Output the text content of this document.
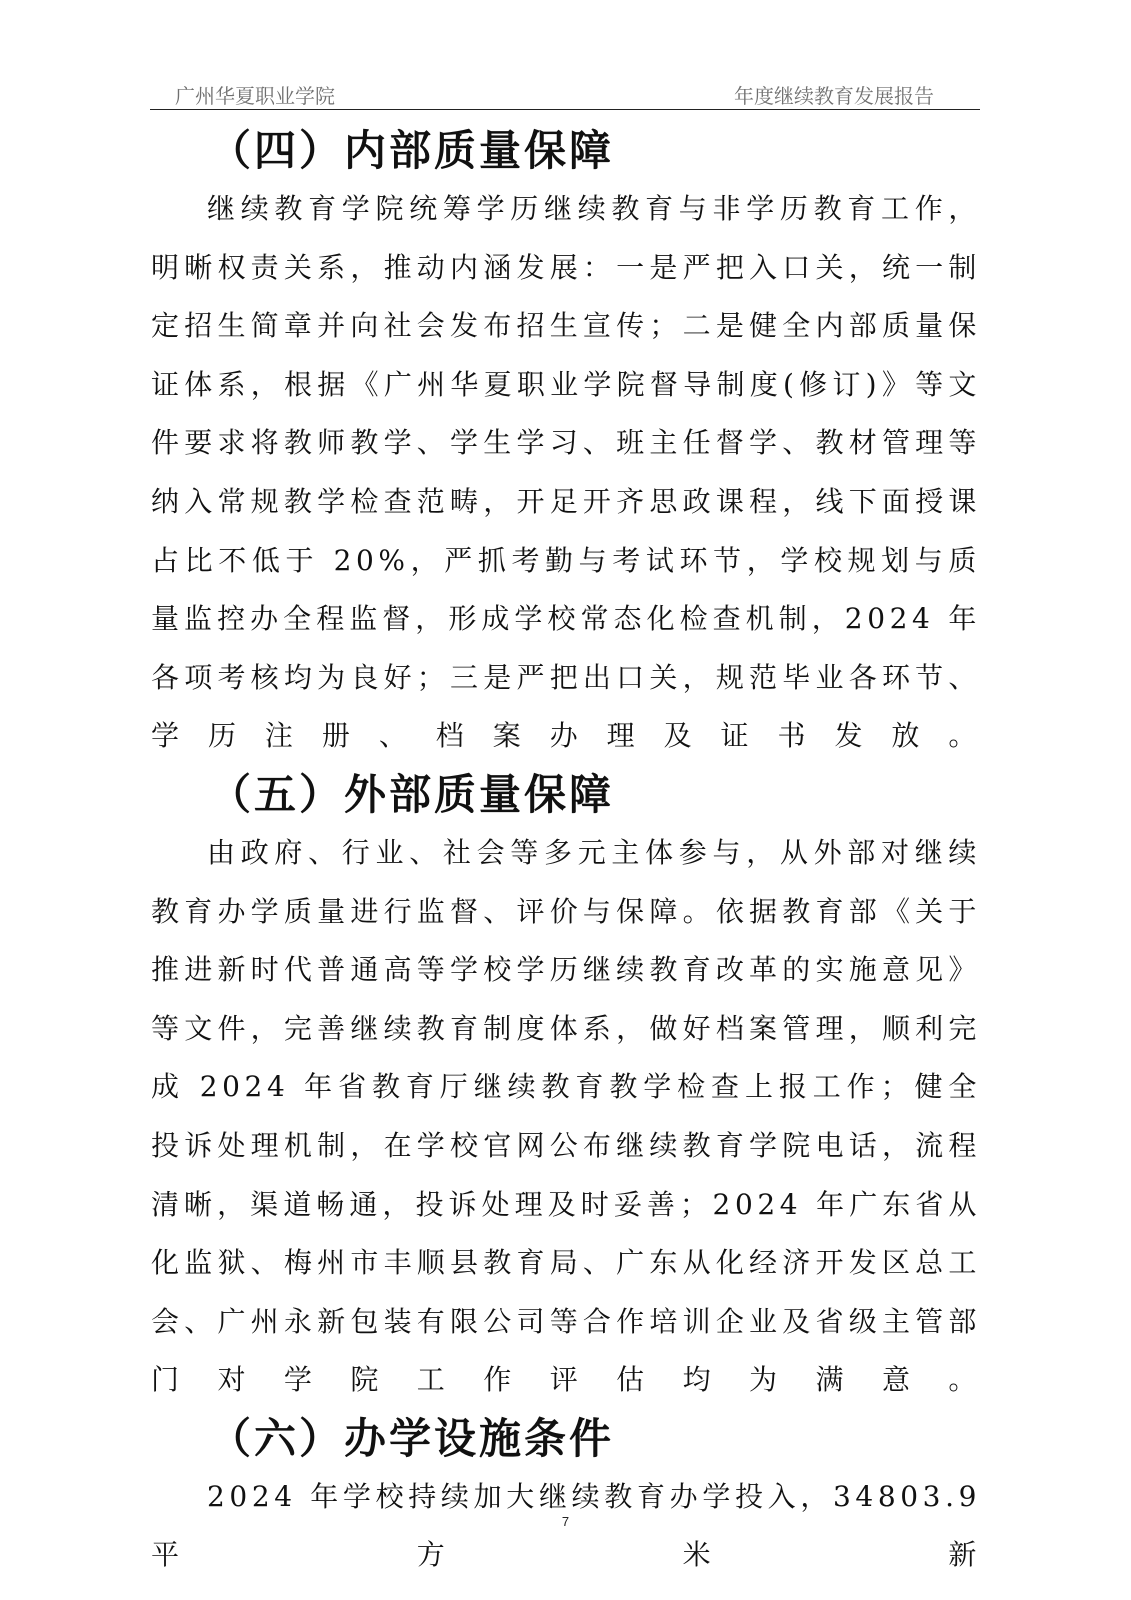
广州华夏职业学院	年度继续教育发展报告
（四）内部质量保障

继续教育学院统筹学历继续教育与非学历教育工作，明晰权责关系，推动内涵发展：一是严把入口关，统一制定招生简章并向社会发布招生宣传；二是健全内部质量保证体系，根据《广州华夏职业学院督导制度(修订)》等文件要求将教师教学、学生学习、班主任督学、教材管理等纳入常规教学检查范畴，开足开齐思政课程，线下面授课占比不低于 20%，严抓考勤与考试环节，学校规划与质量监控办全程监督，形成学校常态化检查机制，2024 年各项考核均为良好；三是严把出口关，规范毕业各环节、学历注册、档案办理及证书发放。

（五）外部质量保障

由政府、行业、社会等多元主体参与，从外部对继续教育办学质量进行监督、评价与保障。依据教育部《关于推进新时代普通高等学校学历继续教育改革的实施意见》等文件，完善继续教育制度体系，做好档案管理，顺利完成 2024 年省教育厅继续教育教学检查上报工作；健全投诉处理机制，在学校官网公布继续教育学院电话，流程清晰，渠道畅通，投诉处理及时妥善；2024 年广东省从化监狱、梅州市丰顺县教育局、广东从化经济开发区总工会、广州永新包装有限公司等合作培训企业及省级主管部门对学院工作评估均为满意。

（六）办学设施条件

2024 年学校持续加大继续教育办学投入，34803.9 平方米新

7
